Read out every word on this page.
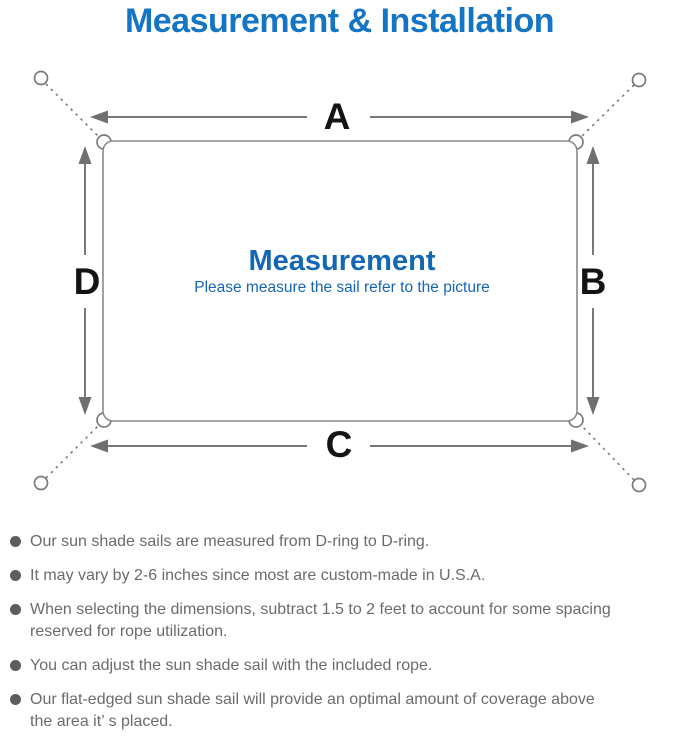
Measurement & Installation
A
B
C
D	Measurement
Please measure the sail refer to the picture
Our sun shade sails are measured from D-ring to D-ring.
It may vary by 2-6 inches since most are custom-made in U.S.A.
When selecting the dimensions, subtract 1.5 to 2 feet to account for some spacing
reserved for rope utilization.
You can adjust the sun shade sail with the included rope.
Our flat-edged sun shade sail will provide an optimal amount of coverage above
the area it’ s placed.
